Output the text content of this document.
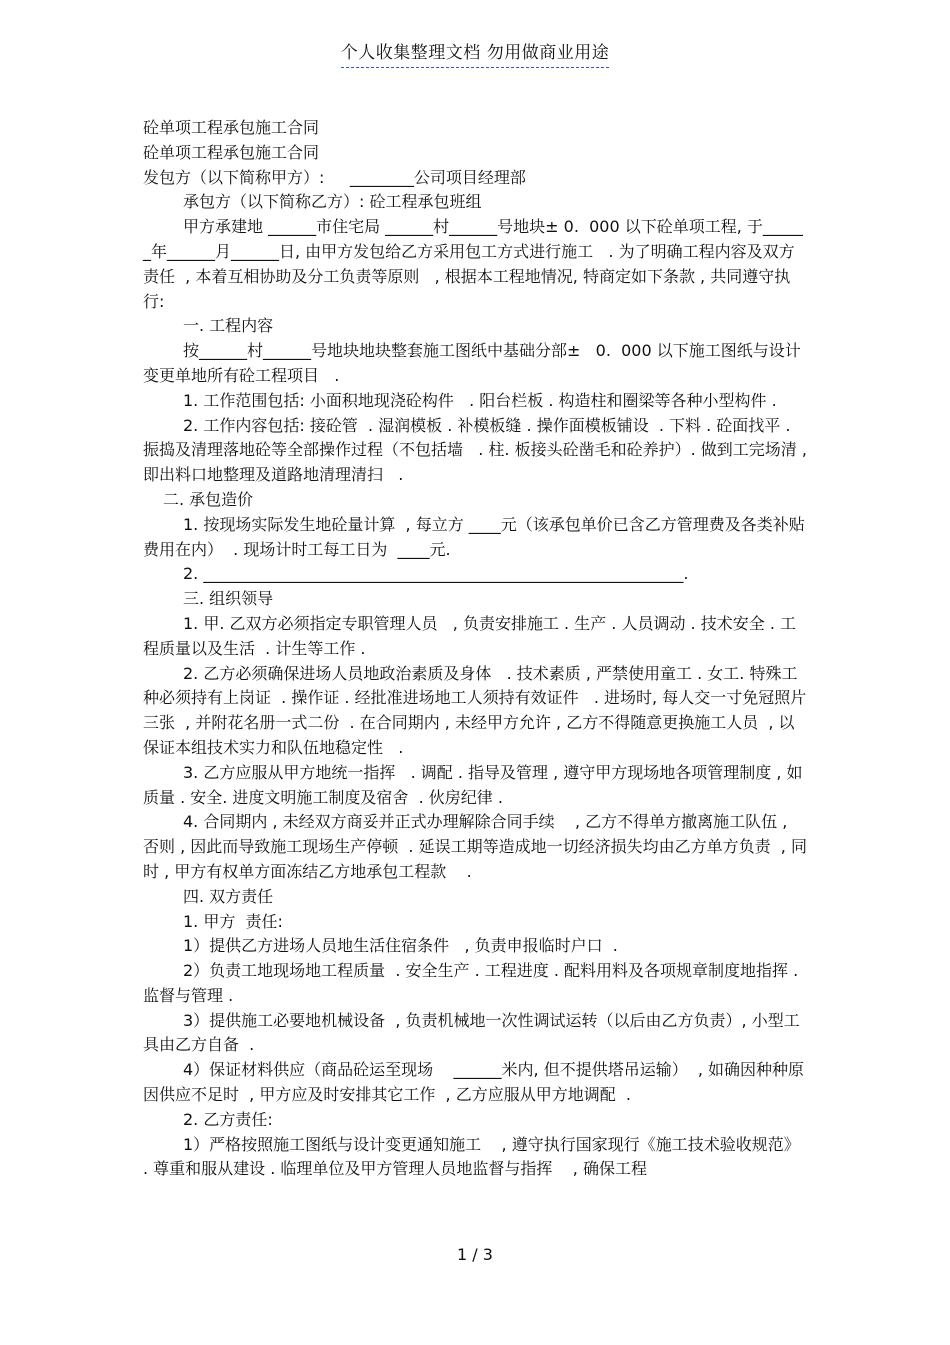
个人收集整理文档 勿用做商业用途

砼单项工程承包施工合同

砼单项工程承包施工合同

发包方（以下简称甲方）:     ________公司项目经理部

承包方（以下简称乙方）: 砼工程承包班组

甲方承建地 ______市住宅局 ______村______号地块± 0.  000 以下砼单项工程, 于______年______月______日, 由甲方发包给乙方采用包工方式进行施工   . 为了明确工程内容及双方责任  , 本着互相协助及分工负责等原则   , 根据本工程地情况, 特商定如下条款 , 共同遵守执行:

一. 工程内容

按______村______号地块地块整套施工图纸中基础分部±   0.  000 以下施工图纸与设计变更单地所有砼工程项目   .

1. 工作范围包括: 小面积地现浇砼构件   . 阳台栏板 . 构造柱和圈梁等各种小型构件 .

2. 工作内容包括: 接砼管  . 湿润模板 . 补模板缝 . 操作面模板铺设  . 下料 . 砼面找平 . 振捣及清理落地砼等全部操作过程（不包括墙   . 柱. 板接头砼凿毛和砼养护）. 做到工完场清 , 即出料口地整理及道路地清理清扫   .

二. 承包造价

1. 按现场实际发生地砼量计算  , 每立方 ____元（该承包单价已含乙方管理费及各类补贴费用在内）  . 现场计时工每工日为  ____元.

2. ____________________________________________________________.

三. 组织领导

1. 甲. 乙双方必须指定专职管理人员   , 负责安排施工 . 生产 . 人员调动 . 技术安全 . 工程质量以及生活  . 计生等工作 .

2. 乙方必须确保进场人员地政治素质及身体   . 技术素质 , 严禁使用童工 . 女工. 特殊工种必须持有上岗证  . 操作证 . 经批准进场地工人须持有效证件   . 进场时, 每人交一寸免冠照片三张  , 并附花名册一式二份  . 在合同期内 , 未经甲方允许 , 乙方不得随意更换施工人员  , 以保证本组技术实力和队伍地稳定性   .

3. 乙方应服从甲方地统一指挥   . 调配 . 指导及管理 , 遵守甲方现场地各项管理制度 , 如质量 . 安全. 进度文明施工制度及宿舍  . 伙房纪律 .

4. 合同期内 , 未经双方商妥并正式办理解除合同手续    , 乙方不得单方撤离施工队伍 , 否则 , 因此而导致施工现场生产停顿  . 延误工期等造成地一切经济损失均由乙方单方负责  , 同时 , 甲方有权单方面冻结乙方地承包工程款    .

四. 双方责任

1. 甲方  责任:

1）提供乙方进场人员地生活住宿条件   , 负责申报临时户口  .

2）负责工地现场地工程质量  . 安全生产 . 工程进度 . 配料用料及各项规章制度地指挥 . 监督与管理 .

3）提供施工必要地机械设备  , 负责机械地一次性调试运转（以后由乙方负责）, 小型工具由乙方自备  .

4）保证材料供应（商品砼运至现场    ______米内, 但不提供塔吊运输）  , 如确因种种原因供应不足时  , 甲方应及时安排其它工作  , 乙方应服从甲方地调配  .

2. 乙方责任:

1）严格按照施工图纸与设计变更通知施工    , 遵守执行国家现行《施工技术验收规范》 . 尊重和服从建设 . 临理单位及甲方管理人员地监督与指挥    , 确保工程

1 / 3
